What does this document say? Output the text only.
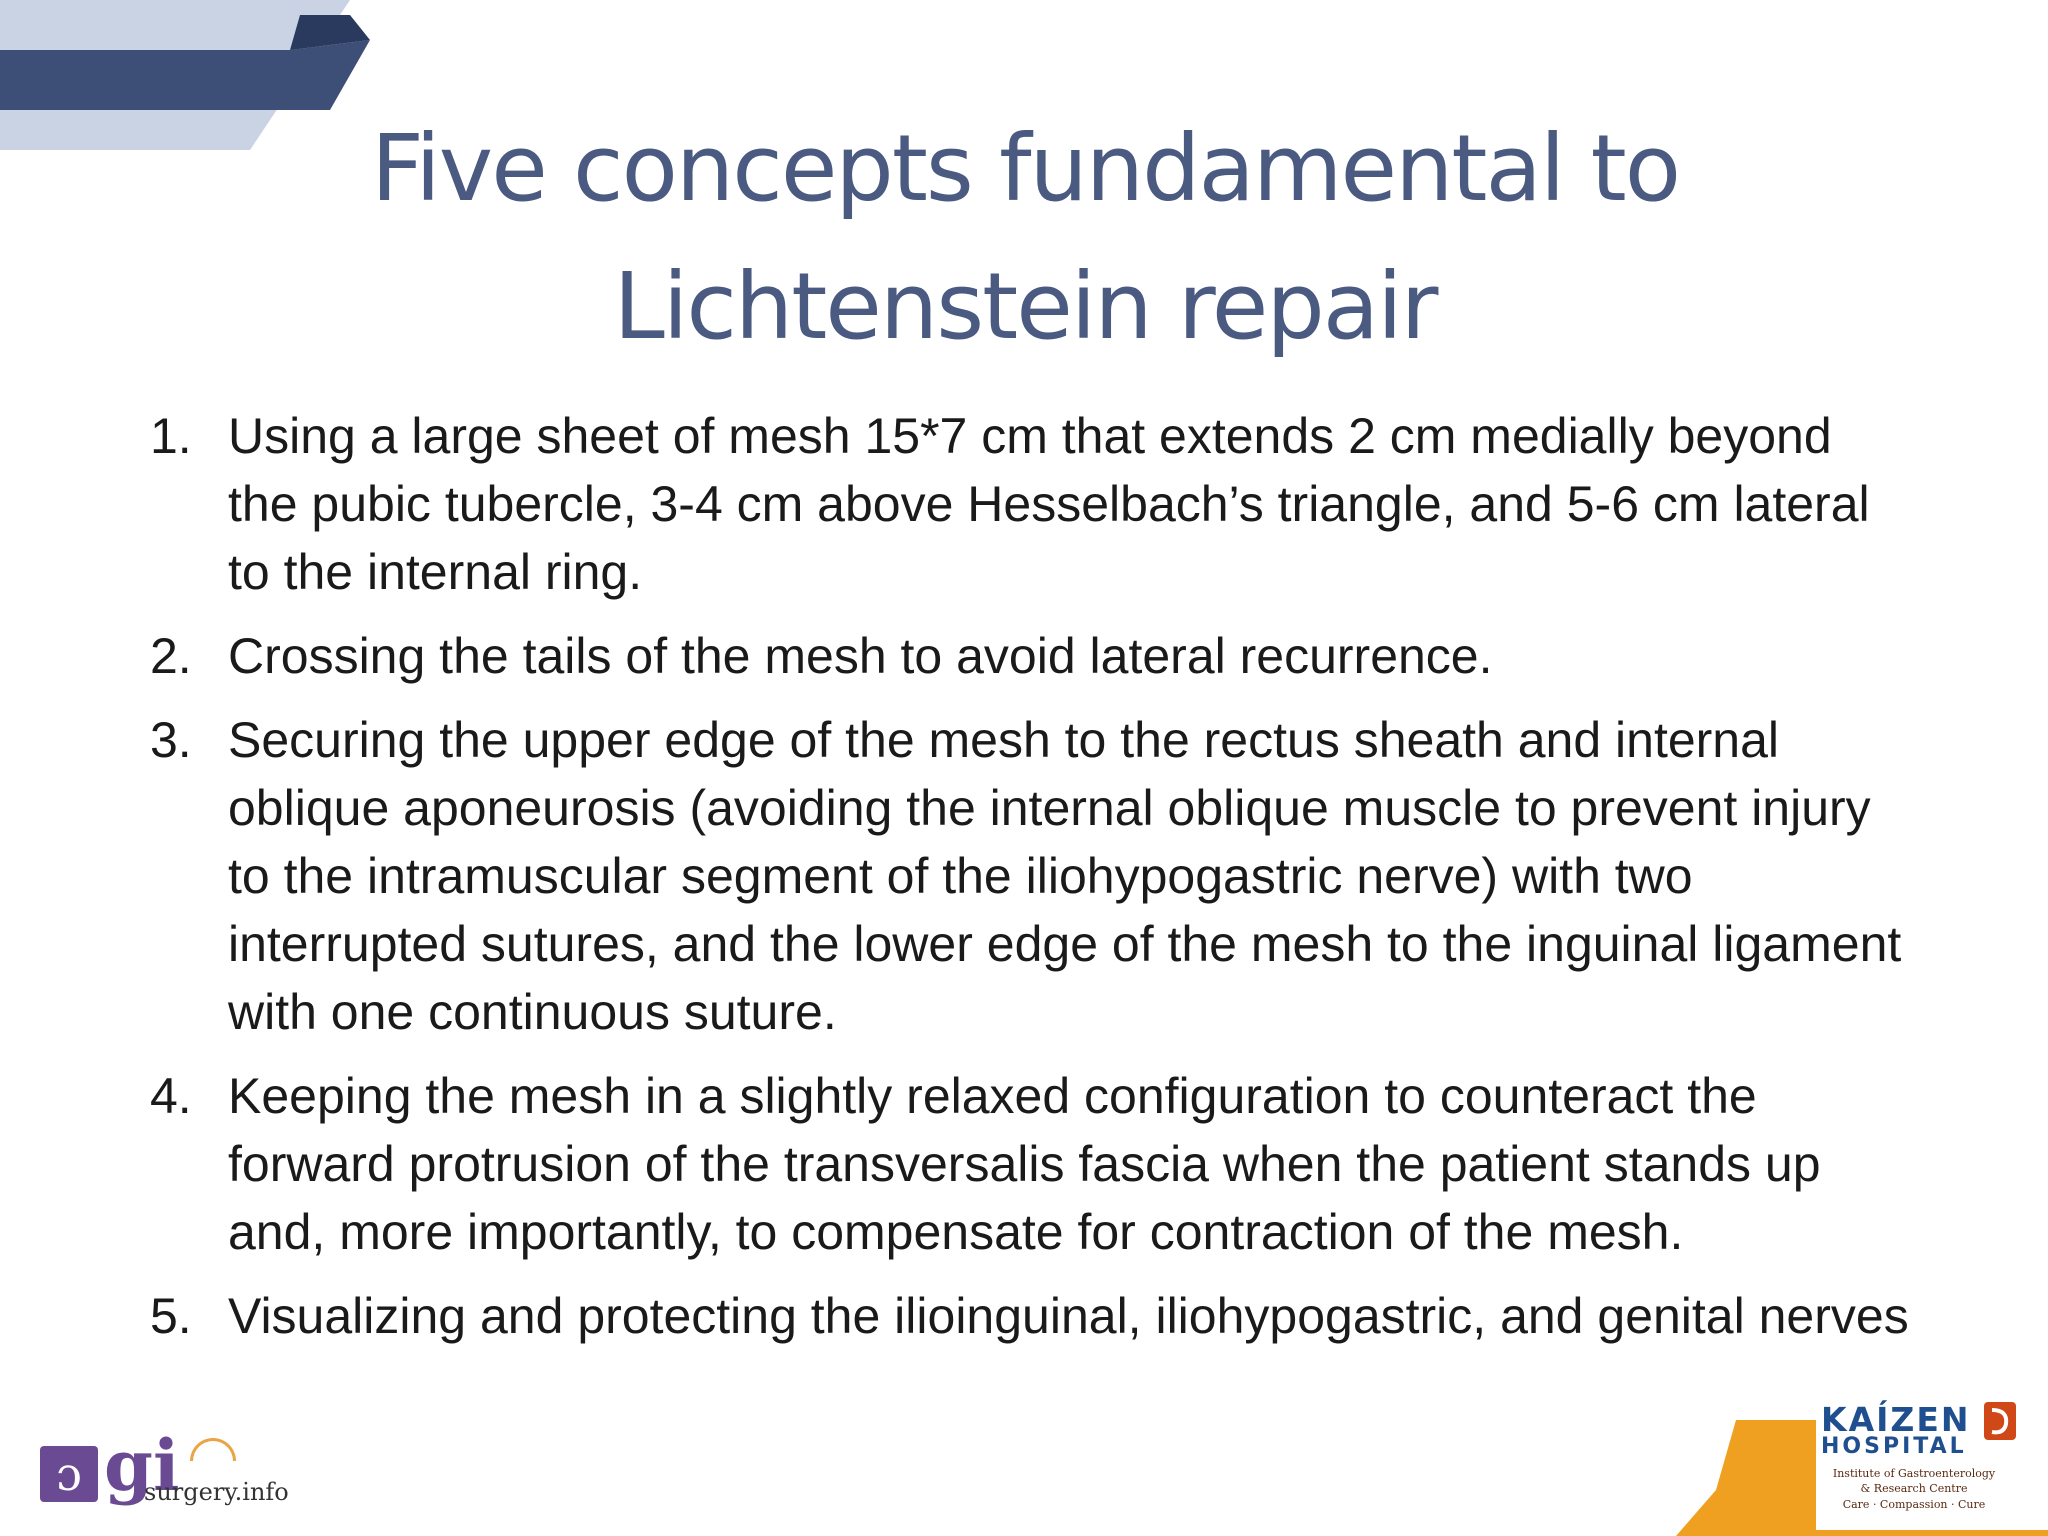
Five concepts fundamental to
Lichtenstein repair
1. Using a large sheet of mesh 15*7 cm that extends 2 cm medially beyond the pubic tubercle, 3-4 cm above Hesselbach’s triangle, and 5-6 cm lateral to the internal ring.
2. Crossing the tails of the mesh to avoid lateral recurrence.
3. Securing the upper edge of the mesh to the rectus sheath and internal oblique aponeurosis (avoiding the internal oblique muscle to prevent injury to the intramuscular segment of the iliohypogastric nerve) with two interrupted sutures, and the lower edge of the mesh to the inguinal ligament with one continuous suture.
4. Keeping the mesh in a slightly relaxed configuration to counteract the forward protrusion of the transversalis fascia when the patient stands up and, more importantly, to compensate for contraction of the mesh.
5. Visualizing and protecting the ilioinguinal, iliohypogastric, and genital nerves
ɔ gi
surgery.info
KAÍZEN
HOSPITAL
Institute of Gastroenterology
& Research Centre
Care · Compassion · Cure
